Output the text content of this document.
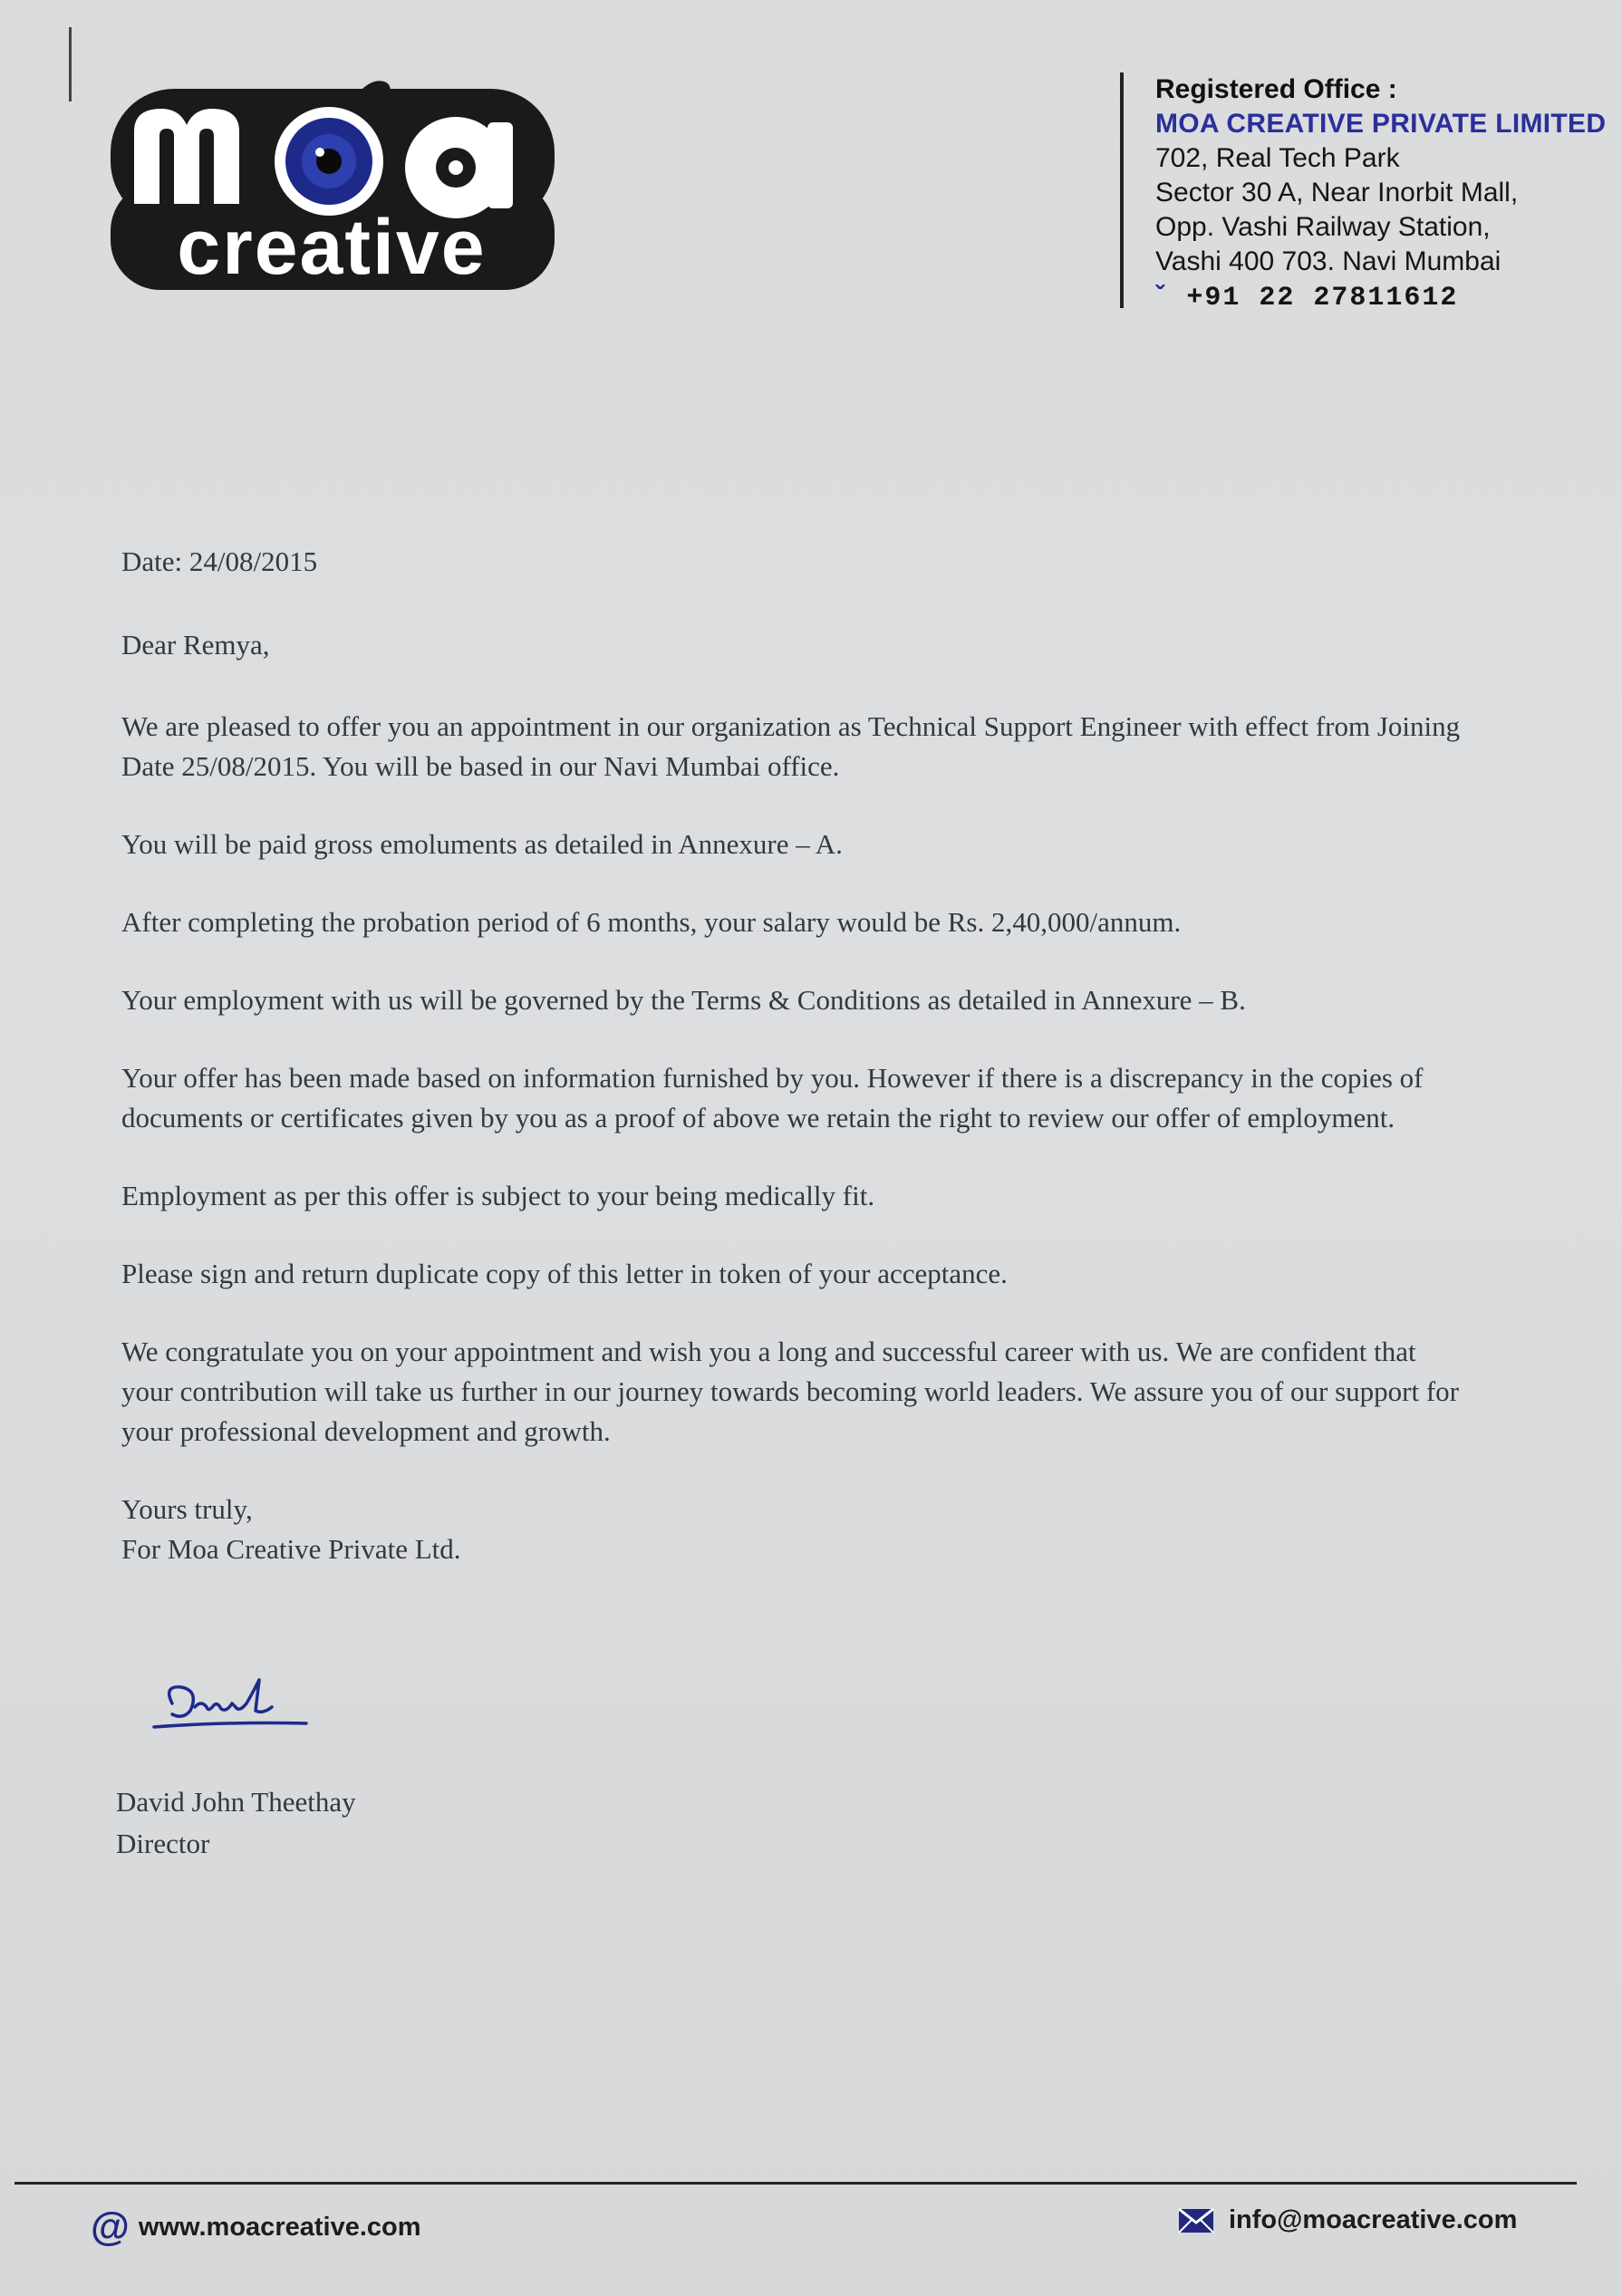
creative
Registered Office :
MOA CREATIVE PRIVATE LIMITED
702, Real Tech Park
Sector 30 A, Near Inorbit Mall,
Opp. Vashi Railway Station,
Vashi 400 703. Navi Mumbai
ˇ +91 22 27811612

Date: 24/08/2015

Dear Remya,

We are pleased to offer you an appointment in our organization as Technical Support Engineer with effect from Joining Date 25/08/2015. You will be based in our Navi Mumbai office.

You will be paid gross emoluments as detailed in Annexure – A.

After completing the probation period of 6 months, your salary would be Rs. 2,40,000/annum.

Your employment with us will be governed by the Terms & Conditions as detailed in Annexure – B.

Your offer has been made based on information furnished by you. However if there is a discrepancy in the copies of documents or certificates given by you as a proof of above we retain the right to review our offer of employment.

Employment as per this offer is subject to your being medically fit.

Please sign and return duplicate copy of this letter in token of your acceptance.

We congratulate you on your appointment and wish you a long and successful career with us. We are confident that your contribution will take us further in our journey towards becoming world leaders. We assure you of our support for your professional development and growth.

Yours truly,

For Moa Creative Private Ltd.

David John Theethay

Director

@ www.moacreative.com	info@moacreative.com
